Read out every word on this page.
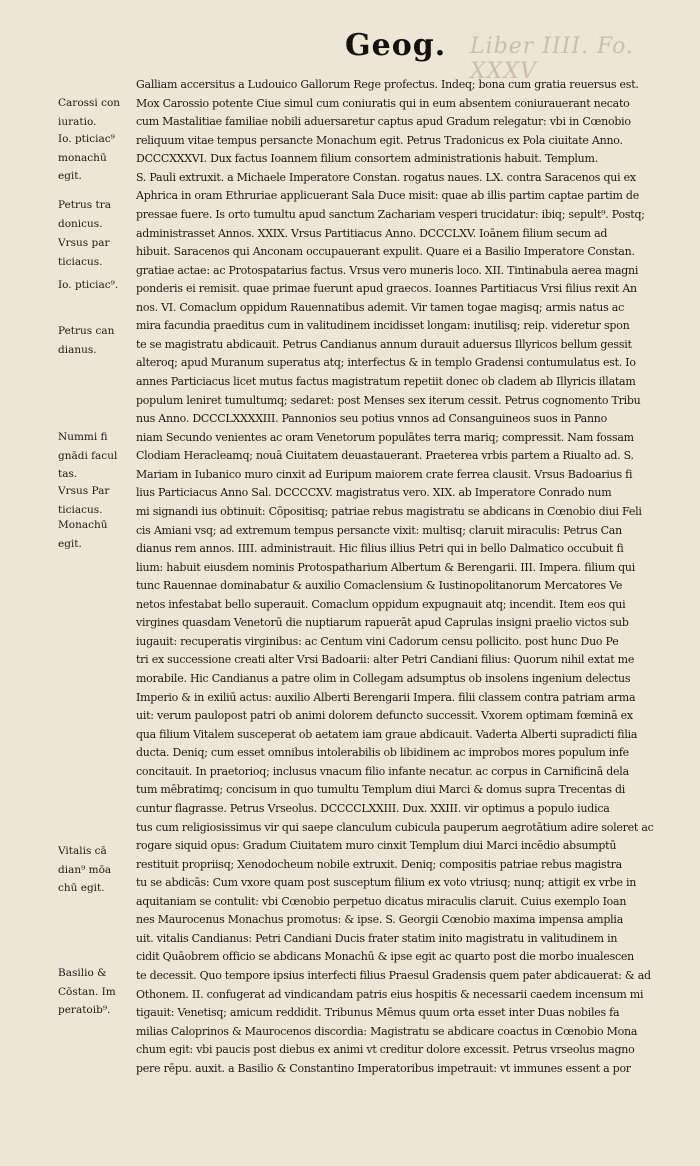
Liber IIII. Fo. XXXV
Geog.
Carossi con
iuratio.
Io. pticiac⁹
monachū
egit.
Petrus tra
donicus.
Vrsus par
ticiacus.
Io. pticiac⁹.
Petrus can
dianus.
Nummi fi
gnādi facul
tas.
Vrsus Par
ticiacus.
Monachū
egit.
Vitalis cā
dian⁹ mōa
chū egit.
Basilio &
Cōstan. Im
peratoib⁹.
Galliam accersitus a Ludouico Gallorum Rege profectus. Indeq; bona cum gratia reuersus est.
Mox Carossio potente Ciue simul cum coniuratis qui in eum absentem coniurauerant necato
cum Mastalitiae familiae nobili aduersaretur captus apud Gradum relegatur: vbi in Cœnobio
reliquum vitae tempus persancte Monachum egit. Petrus Tradonicus ex Pola ciuitate Anno.
DCCCXXXVI. Dux factus Ioannem filium consortem administrationis habuit. Templum.
S. Pauli extruxit. a Michaele Imperatore Constan. rogatus naues. LX. contra Saracenos qui ex
Aphrica in oram Ethruriae applicuerant Sala Duce misit: quae ab illis partim captae partim de
pressae fuere. Is orto tumultu apud sanctum Zachariam vesperi trucidatur: ibiq; sepult⁹. Postq;
administrasset Annos. XXIX. Vrsus Partitiacus Anno. DCCCLXV. Ioānem filium secum ad
hibuit. Saracenos qui Anconam occupauerant expulit. Quare ei a Basilio Imperatore Constan.
gratiae actae: ac Protospatarius factus. Vrsus vero muneris loco. XII. Tintinabula aerea magni
ponderis ei remisit. quae primae fuerunt apud graecos. Ioannes Partitiacus Vrsi filius rexit An
nos. VI. Comaclum oppidum Rauennatibus ademit. Vir tamen togae magisq; armis natus ac
mira facundia praeditus cum in valitudinem incidisset longam: inutilisq; reip. videretur spon
te se magistratu abdicauit. Petrus Candianus annum durauit aduersus Illyricos bellum gessit
alteroq; apud Muranum superatus atq; interfectus & in templo Gradensi contumulatus est. Io
annes Particiacus licet mutus factus magistratum repetiit donec ob cladem ab Illyricis illatam
populum leniret tumultumq; sedaret: post Menses sex iterum cessit. Petrus cognomento Tribu
nus Anno. DCCCLXXXXIII. Pannonios seu potius vnnos ad Consanguineos suos in Panno
niam Secundo venientes ac oram Venetorum populātes terra mariq; compressit. Nam fossam
Clodiam Heracleamq; nouā Ciuitatem deuastauerant. Praeterea vrbis partem a Riualto ad. S.
Mariam in Iubanico muro cinxit ad Euripum maiorem crate ferrea clausit. Vrsus Badoarius fi
lius Particiacus Anno Sal. DCCCCXV. magistratus vero. XIX. ab Imperatore Conrado num
mi signandi ius obtinuit: Cōpositisq; patriae rebus magistratu se abdicans in Cœnobio diui Feli
cis Amiani vsq; ad extremum tempus persancte vixit: multisq; claruit miraculis: Petrus Can
dianus rem annos. IIII. administrauit. Hic filius illius Petri qui in bello Dalmatico occubuit fi
lium: habuit eiusdem nominis Protospatharium Albertum & Berengarii. III. Impera. filium qui
tunc Rauennae dominabatur & auxilio Comaclensium & Iustinopolitanorum Mercatores Ve
netos infestabat bello superauit. Comaclum oppidum expugnauit atq; incendit. Item eos qui
virgines quasdam Venetorū die nuptiarum rapuerāt apud Caprulas insigni praelio victos sub
iugauit: recuperatis virginibus: ac Centum vini Cadorum censu pollicito. post hunc Duo Pe
tri ex successione creati alter Vrsi Badoarii: alter Petri Candiani filius: Quorum nihil extat me
morabile. Hic Candianus a patre olim in Collegam adsumptus ob insolens ingenium delectus
Imperio & in exiliū actus: auxilio Alberti Berengarii Impera. filii classem contra patriam arma
uit: verum paulopost patri ob animi dolorem defuncto successit. Vxorem optimam fœminā ex
qua filium Vitalem susceperat ob aetatem iam graue abdicauit. Vaderta Alberti supradicti filia
ducta. Deniq; cum esset omnibus intolerabilis ob libidinem ac improbos mores populum infe
concitauit. In praetorioq; inclusus vnacum filio infante necatur. ac corpus in Carnificinā dela
tum mēbratimq; concisum in quo tumultu Templum diui Marci & domus supra Trecentas di
cuntur flagrasse. Petrus Vrseolus. DCCCCLXXIII. Dux. XXIII. vir optimus a populo iudica
tus cum religiosissimus vir qui saepe clanculum cubicula pauperum aegrotātium adire soleret ac
rogare siquid opus: Gradum Ciuitatem muro cinxit Templum diui Marci incēdio absumptū
restituit propriisq; Xenodocheum nobile extruxit. Deniq; compositis patriae rebus magistra
tu se abdicās: Cum vxore quam post susceptum filium ex voto vtriusq; nunq; attigit ex vrbe in
aquitaniam se contulit: vbi Cœnobio perpetuo dicatus miraculis claruit. Cuius exemplo Ioan
nes Maurocenus Monachus promotus: & ipse. S. Georgii Cœnobio maxima impensa amplia
uit. vitalis Candianus: Petri Candiani Ducis frater statim inito magistratu in valitudinem in
cidit Quāobrem officio se abdicans Monachū & ipse egit ac quarto post die morbo inualescen
te decessit. Quo tempore ipsius interfecti filius Praesul Gradensis quem pater abdicauerat: & ad
Othonem. II. confugerat ad vindicandam patris eius hospitis & necessarii caedem incensum mi
tigauit: Venetisq; amicum reddidit. Tribunus Mēmus quum orta esset inter Duas nobiles fa
milias Caloprinos & Maurocenos discordia: Magistratu se abdicare coactus in Cœnobio Mona
chum egit: vbi paucis post diebus ex animi vt creditur dolore excessit. Petrus vrseolus magno
pere rēpu. auxit. a Basilio & Constantino Imperatoribus impetrauit: vt immunes essent a por
